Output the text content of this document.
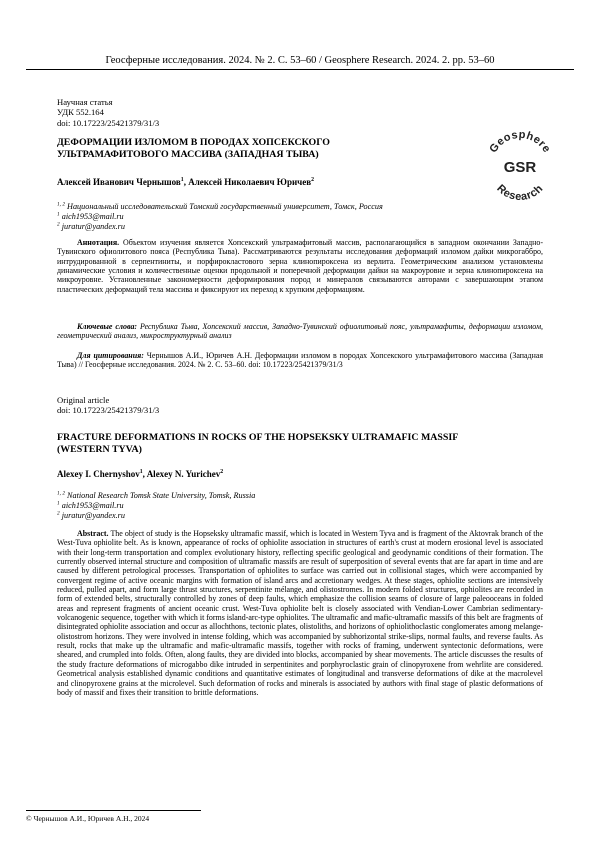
Геосферные исследования. 2024. № 2. С. 53–60 / Geosphere Research. 2024. 2. pp. 53–60
Научная статья
УДК 552.164
doi: 10.17223/25421379/31/3
ДЕФОРМАЦИИ ИЗЛОМОМ В ПОРОДАХ ХОПСЕКСКОГО
УЛЬТРАМАФИТОВОГО МАССИВА (ЗАПАДНАЯ ТЫВА)	Geosphere
GSR
Research
Алексей Иванович Чернышов$^1$, Алексей Николаевич Юричев$^2$
$^{1, 2}$ Национальный исследовательский Томский государственный университет, Томск, Россия
$^1$ aich1953@mail.ru
$^2$ juratur@yandex.ru
Аннотация. Объектом изучения является Хопсекский ультрамафитовый массив, располагающийся в западном окончании Западно-Тувинского офиолитового пояса (Республика Тыва). Рассматриваются результаты исследования деформаций изломом дайки микрогаббро, интрудированной в серпентиниты, и порфирокластового зерна клинопироксена из верлита. Геометрическим анализом установлены динамические условия и количественные оценки продольной и поперечной деформации дайки на макроуровне и зерна клинопироксена на микроуровне. Установленные закономерности деформирования пород и минералов связываются авторами с завершающим этапом пластических деформаций тела массива и фиксируют их переход к хрупким деформациям.
Ключевые слова: Республика Тыва, Хопсекский массив, Западно-Тувинский офиолитовый пояс, ультрамафиты, деформации изломом, геометрический анализ, микроструктурный анализ
Для цитирования: Чернышов А.И., Юричев А.Н. Деформации изломом в породах Хопсекского ультрамафитового массива (Западная Тыва) // Геосферные исследования. 2024. № 2. С. 53–60. doi: 10.17223/25421379/31/3
Original article
doi: 10.17223/25421379/31/3
FRACTURE DEFORMATIONS IN ROCKS OF THE HOPSEKSKY ULTRAMAFIC MASSIF
(WESTERN TYVA)
Alexey I. Chernyshov$^1$, Alexey N. Yurichev$^2$
$^{1, 2}$ National Research Tomsk State University, Tomsk, Russia
$^1$ aich1953@mail.ru
$^2$ juratur@yandex.ru
Abstract. The object of study is the Hopseksky ultramafic massif, which is located in Western Tyva and is fragment of the Aktovrak branch of the West-Tuva ophiolite belt. As is known, appearance of rocks of ophiolite association in structures of earth's crust at modern erosional level is associated with their long-term transportation and complex evolutionary history, reflecting specific geological and geodynamic conditions of their formation. The currently observed internal structure and composition of ultramafic massifs are result of superposition of several events that are far apart in time and are caused by different petrological processes. Transportation of ophiolites to surface was carried out in collisional stages, which were accompanied by convergent regime of active oceanic margins with formation of island arcs and accretionary wedges. At these stages, ophiolite sections are intensively reduced, pulled apart, and form large thrust structures, serpentinite mélange, and olistostromes. In modern folded structures, ophiolites are recorded in form of extended belts, structurally controlled by zones of deep faults, which emphasize the collision seams of closure of large paleooceans in folded areas and represent fragments of ancient oceanic crust. West-Tuva ophiolite belt is closely associated with Vendian-Lower Cambrian sedimentary-volcanogenic sequence, together with which it forms island-arc-type ophiolites. The ultramafic and mafic-ultramafic massifs of this belt are fragments of disintegrated ophiolite association and occur as allochthons, tectonic plates, olistoliths, and horizons of ophiolithoclastic conglomerates among melange-olistostrom horizons. They were involved in intense folding, which was accompanied by subhorizontal strike-slips, normal faults, and reverse faults. As result, rocks that make up the ultramafic and mafic-ultramafic massifs, together with rocks of framing, underwent syntectonic deformations, were sheared, and crumpled into folds. Often, along faults, they are divided into blocks, accompanied by shear movements. The article discusses the results of the study fracture deformations of microgabbo dike intruded in serpentinites and porphyroclastic grain of clinopyroxene from wehrlite are considered. Geometrical analysis established dynamic conditions and quantitative estimates of longitudinal and transverse deformations of dike at the macrolevel and clinopyroxene grains at the microlevel. Such deformation of rocks and minerals is associated by authors with final stage of plastic deformations of body of massif and fixes their transition to brittle deformations.
© Чернышов А.И., Юричев А.Н., 2024
